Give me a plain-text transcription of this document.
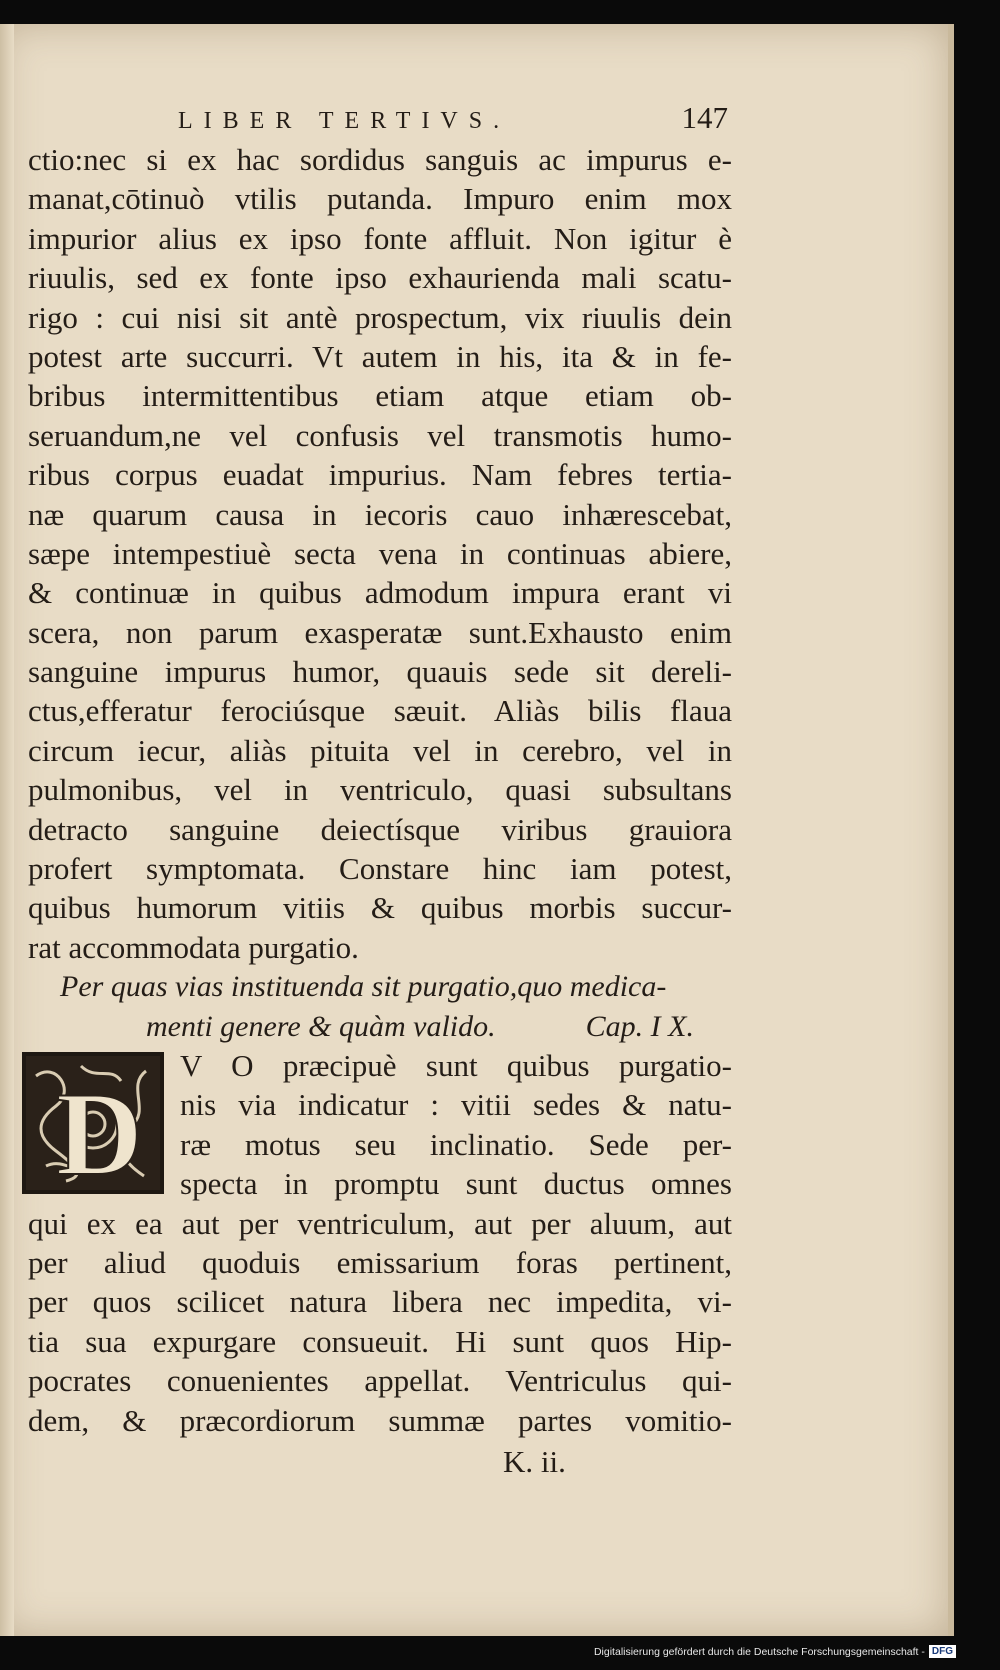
LIBER TERTIVS.	147
ctio:nec si ex hac sordidus sanguis ac impurus e-
manat,cōtinuò vtilis putanda. Impuro enim mox
impurior alius ex ipso fonte affluit. Non igitur è
riuulis, sed ex fonte ipso exhaurienda mali scatu-
rigo : cui nisi sit antè prospectum, vix riuulis dein
potest arte succurri. Vt autem in his, ita & in fe-
bribus intermittentibus etiam atque etiam ob-
seruandum,ne vel confusis vel transmotis humo-
ribus corpus euadat impurius. Nam febres tertia-
næ quarum causa in iecoris cauo inhærescebat,
sæpe intempestiuè secta vena in continuas abiere,
& continuæ in quibus admodum impura erant vi
scera, non parum exasperatæ sunt.Exhausto enim
sanguine impurus humor, quauis sede sit dereli-
ctus,efferatur ferociúsque sæuit. Aliàs bilis flaua
circum iecur, aliàs pituita vel in cerebro, vel in
pulmonibus, vel in ventriculo, quasi subsultans
detracto sanguine deiectísque viribus grauiora
profert symptomata. Constare hinc iam potest,
quibus humorum vitiis & quibus morbis succur-
rat accommodata purgatio.
Per quas vias instituenda sit purgatio,quo medica-
menti genere & quàm valido.	Cap. I X.
D
V O præcipuè sunt quibus purgatio-
nis via indicatur : vitii sedes & natu-
ræ motus seu inclinatio. Sede per-
specta in promptu sunt ductus omnes
qui ex ea aut per ventriculum, aut per aluum, aut
per aliud quoduis emissarium foras pertinent,
per quos scilicet natura libera nec impedita, vi-
tia sua expurgare consueuit. Hi sunt quos Hip-
pocrates conuenientes appellat. Ventriculus qui-
dem, & præcordiorum summæ partes vomitio-
K. ii.
Digitalisierung gefördert durch die Deutsche Forschungsgemeinschaft - DFG
